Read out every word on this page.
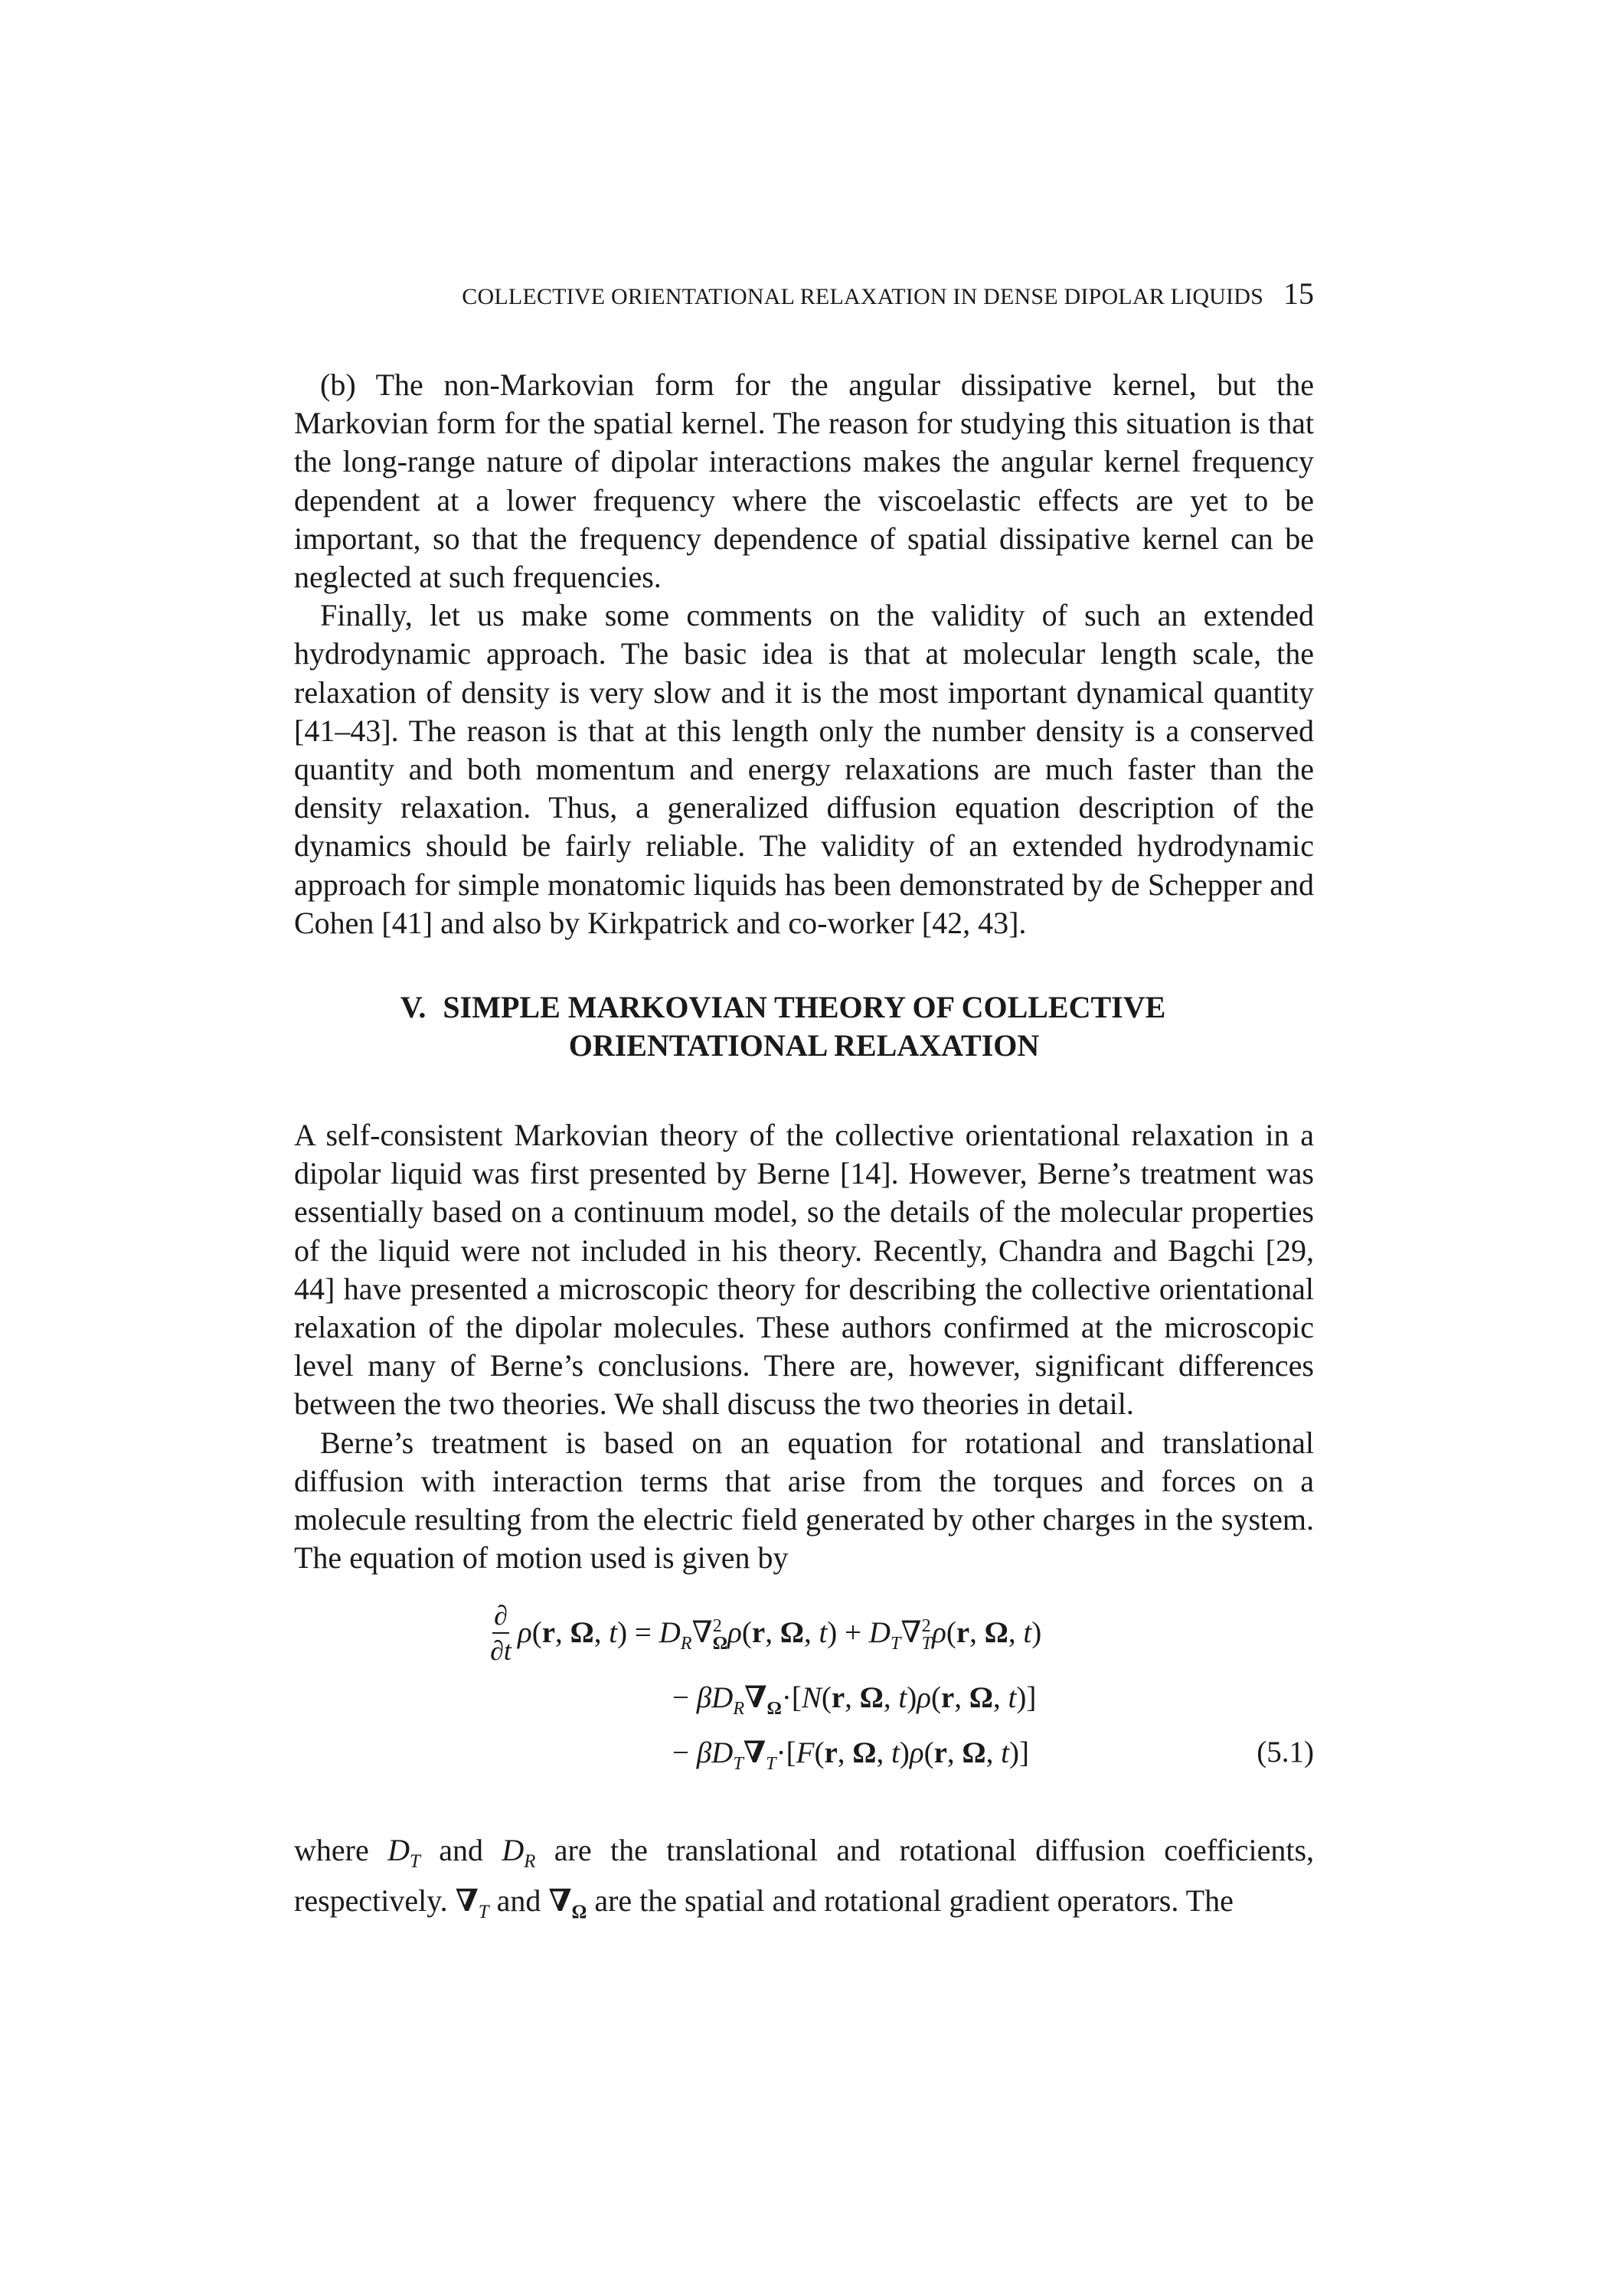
COLLECTIVE ORIENTATIONAL RELAXATION IN DENSE DIPOLAR LIQUIDS 15

(b) The non-Markovian form for the angular dissipative kernel, but the Markovian form for the spatial kernel. The reason for studying this situation is that the long-range nature of dipolar interactions makes the angular kernel frequency dependent at a lower frequency where the viscoelastic effects are yet to be important, so that the frequency dependence of spatial dissipative kernel can be neglected at such frequencies.

Finally, let us make some comments on the validity of such an extended hydrodynamic approach. The basic idea is that at molecular length scale, the relaxation of density is very slow and it is the most important dynamical quantity [41–43]. The reason is that at this length only the number density is a conserved quantity and both momentum and energy relaxations are much faster than the density relaxation. Thus, a generalized diffusion equation description of the dynamics should be fairly reliable. The validity of an extended hydrodynamic approach for simple monatomic liquids has been demonstrated by de Schepper and Cohen [41] and also by Kirkpatrick and co-worker [42, 43].

V. SIMPLE MARKOVIAN THEORY OF COLLECTIVE
ORIENTATIONAL RELAXATION

A self-consistent Markovian theory of the collective orientational relaxation in a dipolar liquid was first presented by Berne [14]. However, Berne’s treatment was essentially based on a continuum model, so the details of the molecular properties of the liquid were not included in his theory. Recently, Chandra and Bagchi [29, 44] have presented a microscopic theory for describing the collective orientational relaxation of the dipolar molecules. These authors confirmed at the microscopic level many of Berne’s conclusions. There are, however, significant differences between the two theories. We shall discuss the two theories in detail.

Berne’s treatment is based on an equation for rotational and translational diffusion with interaction terms that arise from the torques and forces on a molecule resulting from the electric field generated by other charges in the system. The equation of motion used is given by

∂
∂t
ρ(r, Ω, $t) = D_R\nabla^2_\Omega\rho(r$, Ω, $t) + D_T\nabla^2_T\rho(r$, Ω, t)
− $\beta D_R\nabla_\Omega\cdot[N(r$, Ω, t)ρ(r, Ω, t)]
− $\beta D_T\nabla_T\cdot[F(r$, Ω, t)ρ(r, Ω, t)]	(5.1)

where $D_T$ and $D_R$ are the translational and rotational diffusion coefficients, respectively. $\nabla_T$ and $\nabla_\Omega$ are the spatial and rotational gradient operators. The
